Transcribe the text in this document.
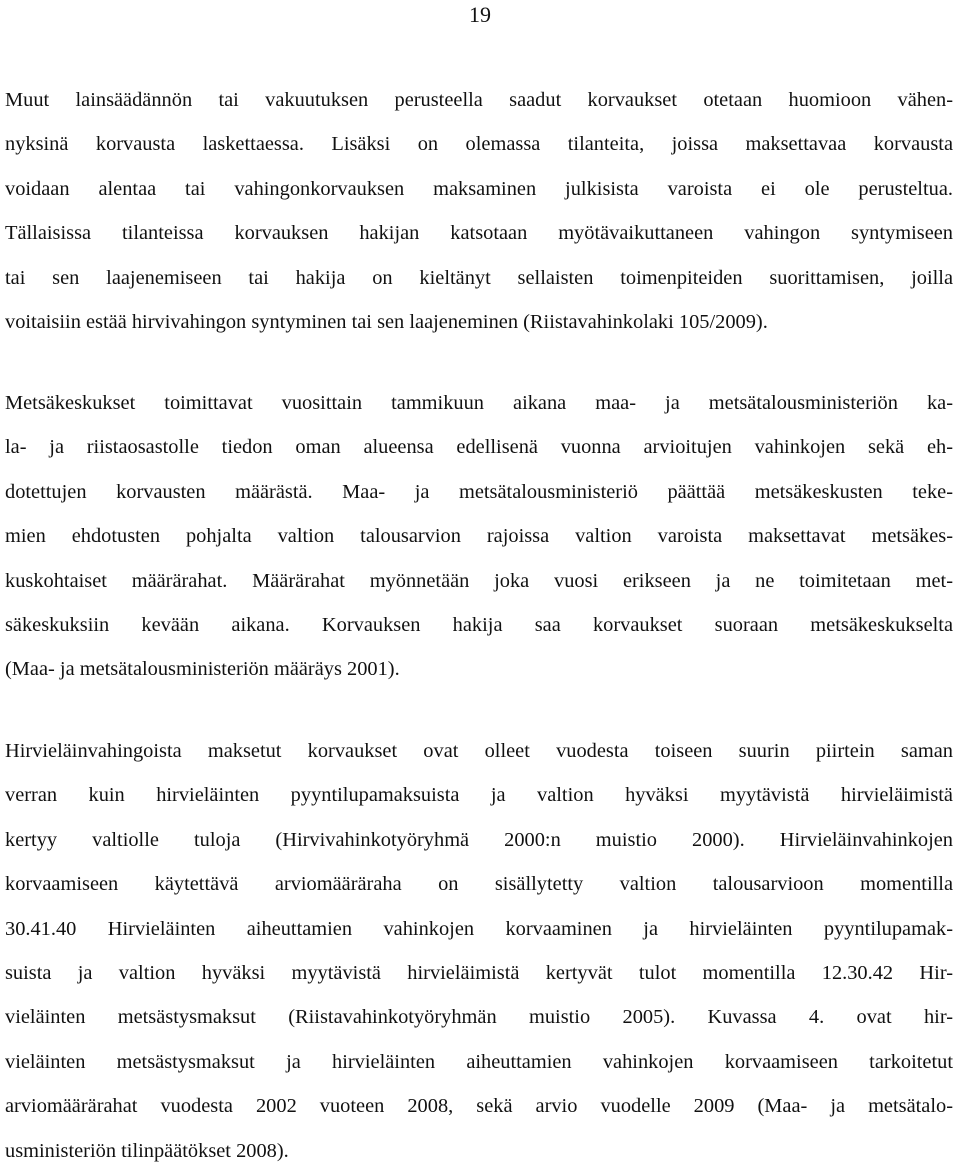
19
Muut lainsäädännön tai vakuutuksen perusteella saadut korvaukset otetaan huomioon vähen-
nyksinä korvausta laskettaessa. Lisäksi on olemassa tilanteita, joissa maksettavaa korvausta
voidaan alentaa tai vahingonkorvauksen maksaminen julkisista varoista ei ole perusteltua.
Tällaisissa tilanteissa korvauksen hakijan katsotaan myötävaikuttaneen vahingon syntymiseen
tai sen laajenemiseen tai hakija on kieltänyt sellaisten toimenpiteiden suorittamisen, joilla
voitaisiin estää hirvivahingon syntyminen tai sen laajeneminen (Riistavahinkolaki 105/2009).
Metsäkeskukset toimittavat vuosittain tammikuun aikana maa- ja metsätalousministeriön ka-
la- ja riistaosastolle tiedon oman alueensa edellisenä vuonna arvioitujen vahinkojen sekä eh-
dotettujen korvausten määrästä. Maa- ja metsätalousministeriö päättää metsäkeskusten teke-
mien ehdotusten pohjalta valtion talousarvion rajoissa valtion varoista maksettavat metsäkes-
kuskohtaiset määrärahat. Määrärahat myönnetään joka vuosi erikseen ja ne toimitetaan met-
säkeskuksiin kevään aikana. Korvauksen hakija saa korvaukset suoraan metsäkeskukselta
(Maa- ja metsätalousministeriön määräys 2001).
Hirvieläinvahingoista maksetut korvaukset ovat olleet vuodesta toiseen suurin piirtein saman
verran kuin hirvieläinten pyyntilupamaksuista ja valtion hyväksi myytävistä hirvieläimistä
kertyy valtiolle tuloja (Hirvivahinkotyöryhmä 2000:n muistio 2000). Hirvieläinvahinkojen
korvaamiseen käytettävä arviomääräraha on sisällytetty valtion talousarvioon momentilla
30.41.40 Hirvieläinten aiheuttamien vahinkojen korvaaminen ja hirvieläinten pyyntilupamak-
suista ja valtion hyväksi myytävistä hirvieläimistä kertyvät tulot momentilla 12.30.42 Hir-
vieläinten metsästysmaksut (Riistavahinkotyöryhmän muistio 2005). Kuvassa 4. ovat hir-
vieläinten metsästysmaksut ja hirvieläinten aiheuttamien vahinkojen korvaamiseen tarkoitetut
arviomäärärahat vuodesta 2002 vuoteen 2008, sekä arvio vuodelle 2009 (Maa- ja metsätalo-
usministeriön tilinpäätökset 2008).
